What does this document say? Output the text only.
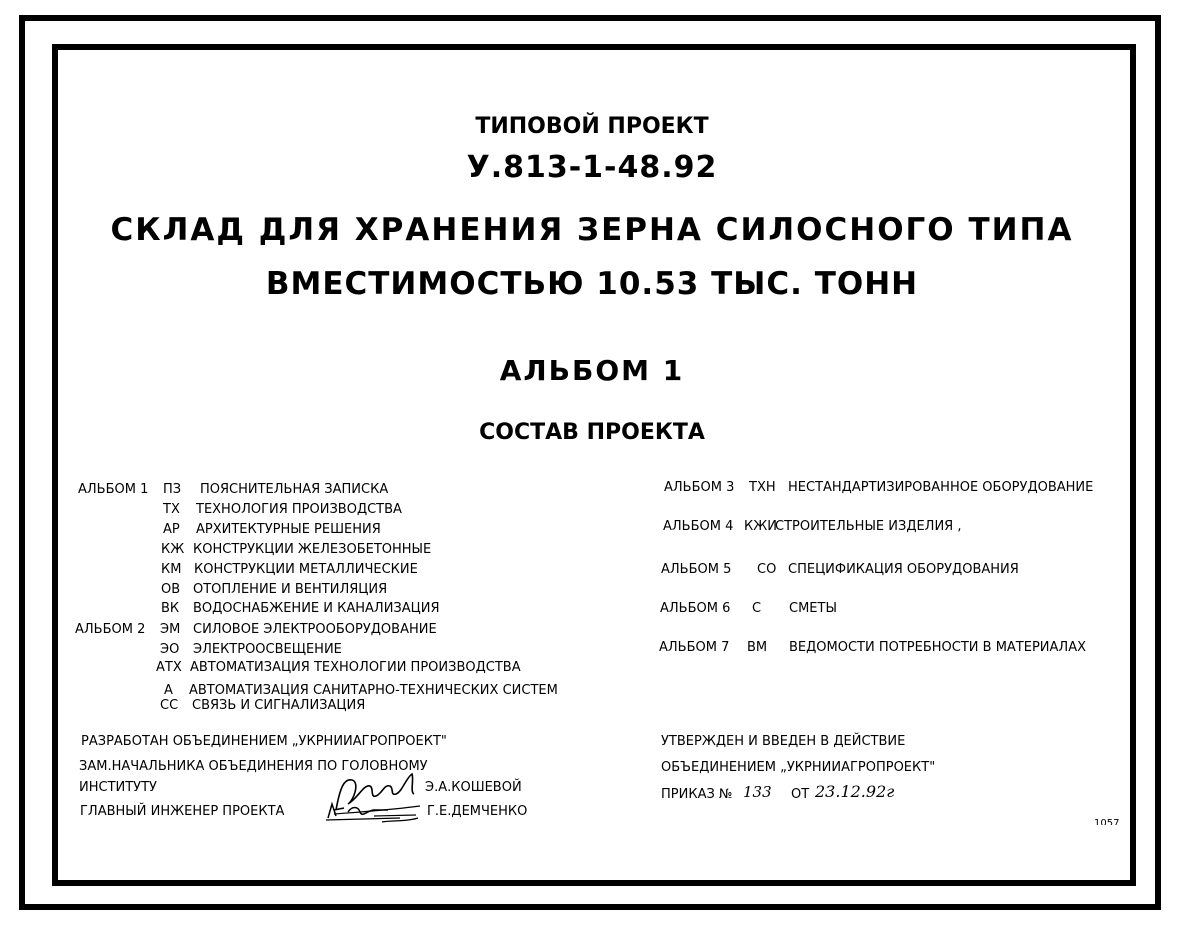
ТИПОВОЙ ПРОЕКТ
У.813-1-48.92
СКЛАД ДЛЯ ХРАНЕНИЯ ЗЕРНА СИЛОСНОГО ТИПА
ВМЕСТИМОСТЬЮ 10.53 ТЫС. ТОНН
АЛЬБОМ 1
СОСТАВ ПРОЕКТА
АЛЬБОМ 1 ПЗ ПОЯСНИТЕЛЬНАЯ ЗАПИСКА
ТХ ТЕХНОЛОГИЯ ПРОИЗВОДСТВА
АР АРХИТЕКТУРНЫЕ РЕШЕНИЯ
КЖ КОНСТРУКЦИИ ЖЕЛЕЗОБЕТОННЫЕ
КМ КОНСТРУКЦИИ МЕТАЛЛИЧЕСКИЕ
ОВ ОТОПЛЕНИЕ И ВЕНТИЛЯЦИЯ
ВК ВОДОСНАБЖЕНИЕ И КАНАЛИЗАЦИЯ
АЛЬБОМ 2 ЭМ СИЛОВОЕ ЭЛЕКТРООБОРУДОВАНИЕ
ЭО ЭЛЕКТРООСВЕЩЕНИЕ
АТХ АВТОМАТИЗАЦИЯ ТЕХНОЛОГИИ ПРОИЗВОДСТВА
А АВТОМАТИЗАЦИЯ САНИТАРНО-ТЕХНИЧЕСКИХ СИСТЕМ
СС СВЯЗЬ И СИГНАЛИЗАЦИЯ
АЛЬБОМ 3 ТХН НЕСТАНДАРТИЗИРОВАННОЕ ОБОРУДОВАНИЕ
АЛЬБОМ 4 КЖИ
СТРОИТЕЛЬНЫЕ ИЗДЕЛИЯ ,
АЛЬБОМ 5 СО СПЕЦИФИКАЦИЯ ОБОРУДОВАНИЯ
АЛЬБОМ 6 С СМЕТЫ
АЛЬБОМ 7 ВМ ВЕДОМОСТИ ПОТРЕБНОСТИ В МАТЕРИАЛАХ
РАЗРАБОТАН ОБЪЕДИНЕНИЕМ „УКРНИИАГРОПРОЕКТ"
ЗАМ.НАЧАЛЬНИКА ОБЪЕДИНЕНИЯ ПО ГОЛОВНОМУ
ИНСТИТУТУ	Э.А.КОШЕВОЙ
ГЛАВНЫЙ ИНЖЕНЕР ПРОЕКТА	Г.Е.ДЕМЧЕНКО
УТВЕРЖДЕН И ВВЕДЕН В ДЕЙСТВИЕ
ОБЪЕДИНЕНИЕМ „УКРНИИАГРОПРОЕКТ"
ПРИКАЗ № 133 ОТ 23.12.92г
1057
